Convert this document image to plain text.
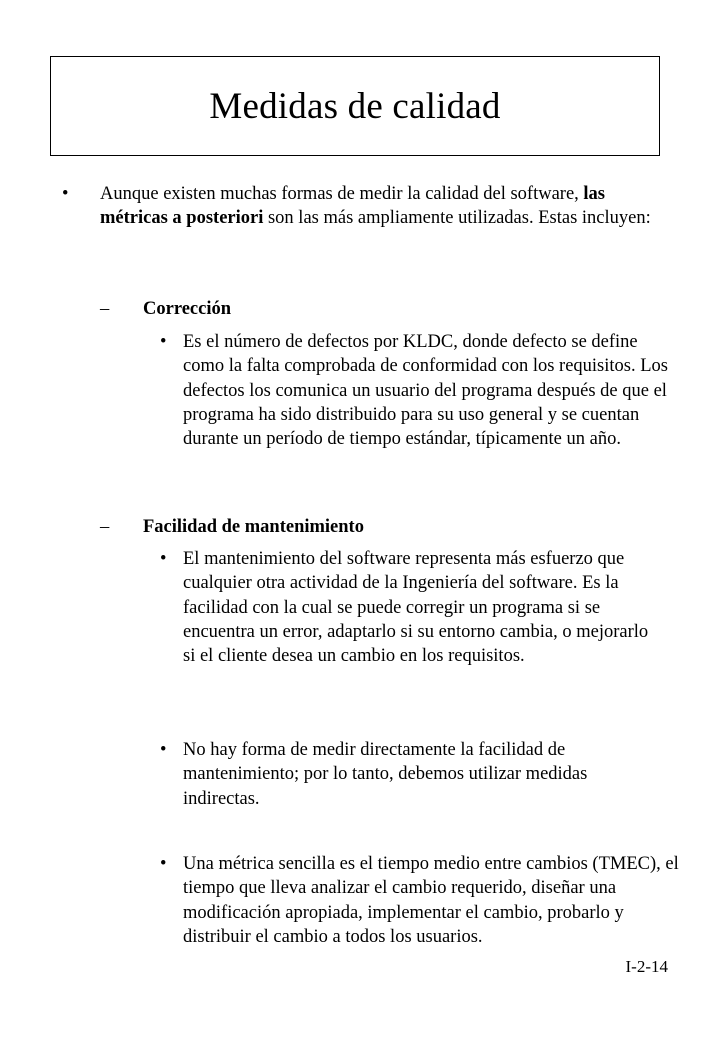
Medidas de calidad
• Aunque existen muchas formas de medir la calidad del software, las métricas a posteriori son las más ampliamente utilizadas. Estas incluyen:

– Corrección
• Es el número de defectos por KLDC, donde defecto se define como la falta comprobada de conformidad con los requisitos. Los defectos los comunica un usuario del programa después de que el programa ha sido distribuido para su uso general y se cuentan durante un período de tiempo estándar, típicamente un año.

– Facilidad de mantenimiento
• El mantenimiento del software representa más esfuerzo que cualquier otra actividad de la Ingeniería del software. Es la facilidad con la cual se puede corregir un programa si se encuentra un error, adaptarlo si su entorno cambia, o mejorarlo si el cliente desea un cambio en los requisitos.

• No hay forma de medir directamente la facilidad de mantenimiento; por lo tanto, debemos utilizar medidas indirectas.

• Una métrica sencilla es el tiempo medio entre cambios (TMEC), el tiempo que lleva analizar el cambio requerido, diseñar una modificación apropiada, implementar el cambio, probarlo y distribuir el cambio a todos los usuarios.

I-2-14
